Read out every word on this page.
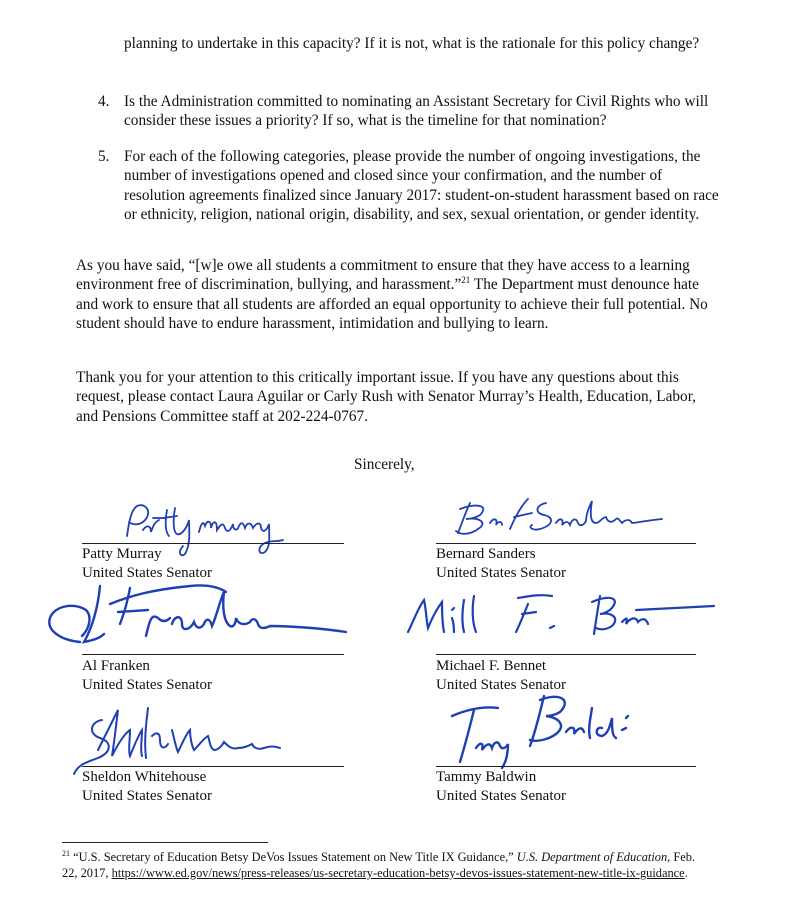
planning to undertake in this capacity? If it is not, what is the rationale for this policy change?

4. Is the Administration committed to nominating an Assistant Secretary for Civil Rights who will consider these issues a priority? If so, what is the timeline for that nomination?
5. For each of the following categories, please provide the number of ongoing investigations, the number of investigations opened and closed since your confirmation, and the number of resolution agreements finalized since January 2017: student-on-student harassment based on race or ethnicity, religion, national origin, disability, and sex, sexual orientation, or gender identity.

As you have said, “[w]e owe all students a commitment to ensure that they have access to a learning environment free of discrimination, bullying, and harassment.”$^{21}$ The Department must denounce hate and work to ensure that all students are afforded an equal opportunity to achieve their full potential. No student should have to endure harassment, intimidation and bullying to learn.

Thank you for your attention to this critically important issue. If you have any questions about this request, please contact Laura Aguilar or Carly Rush with Senator Murray’s Health, Education, Labor, and Pensions Committee staff at 202-224-0767.

Sincerely,

Patty Murray
United States Senator
Bernard Sanders
United States Senator
Al Franken
United States Senator
Michael F. Bennet
United States Senator
Sheldon Whitehouse
United States Senator
Tammy Baldwin
United States Senator

$^{21}$ “U.S. Secretary of Education Betsy DeVos Issues Statement on New Title IX Guidance,” U.S. Department of Education, Feb. 22, 2017, https://www.ed.gov/news/press-releases/us-secretary-education-betsy-devos-issues-statement-new-title-ix-guidance.
